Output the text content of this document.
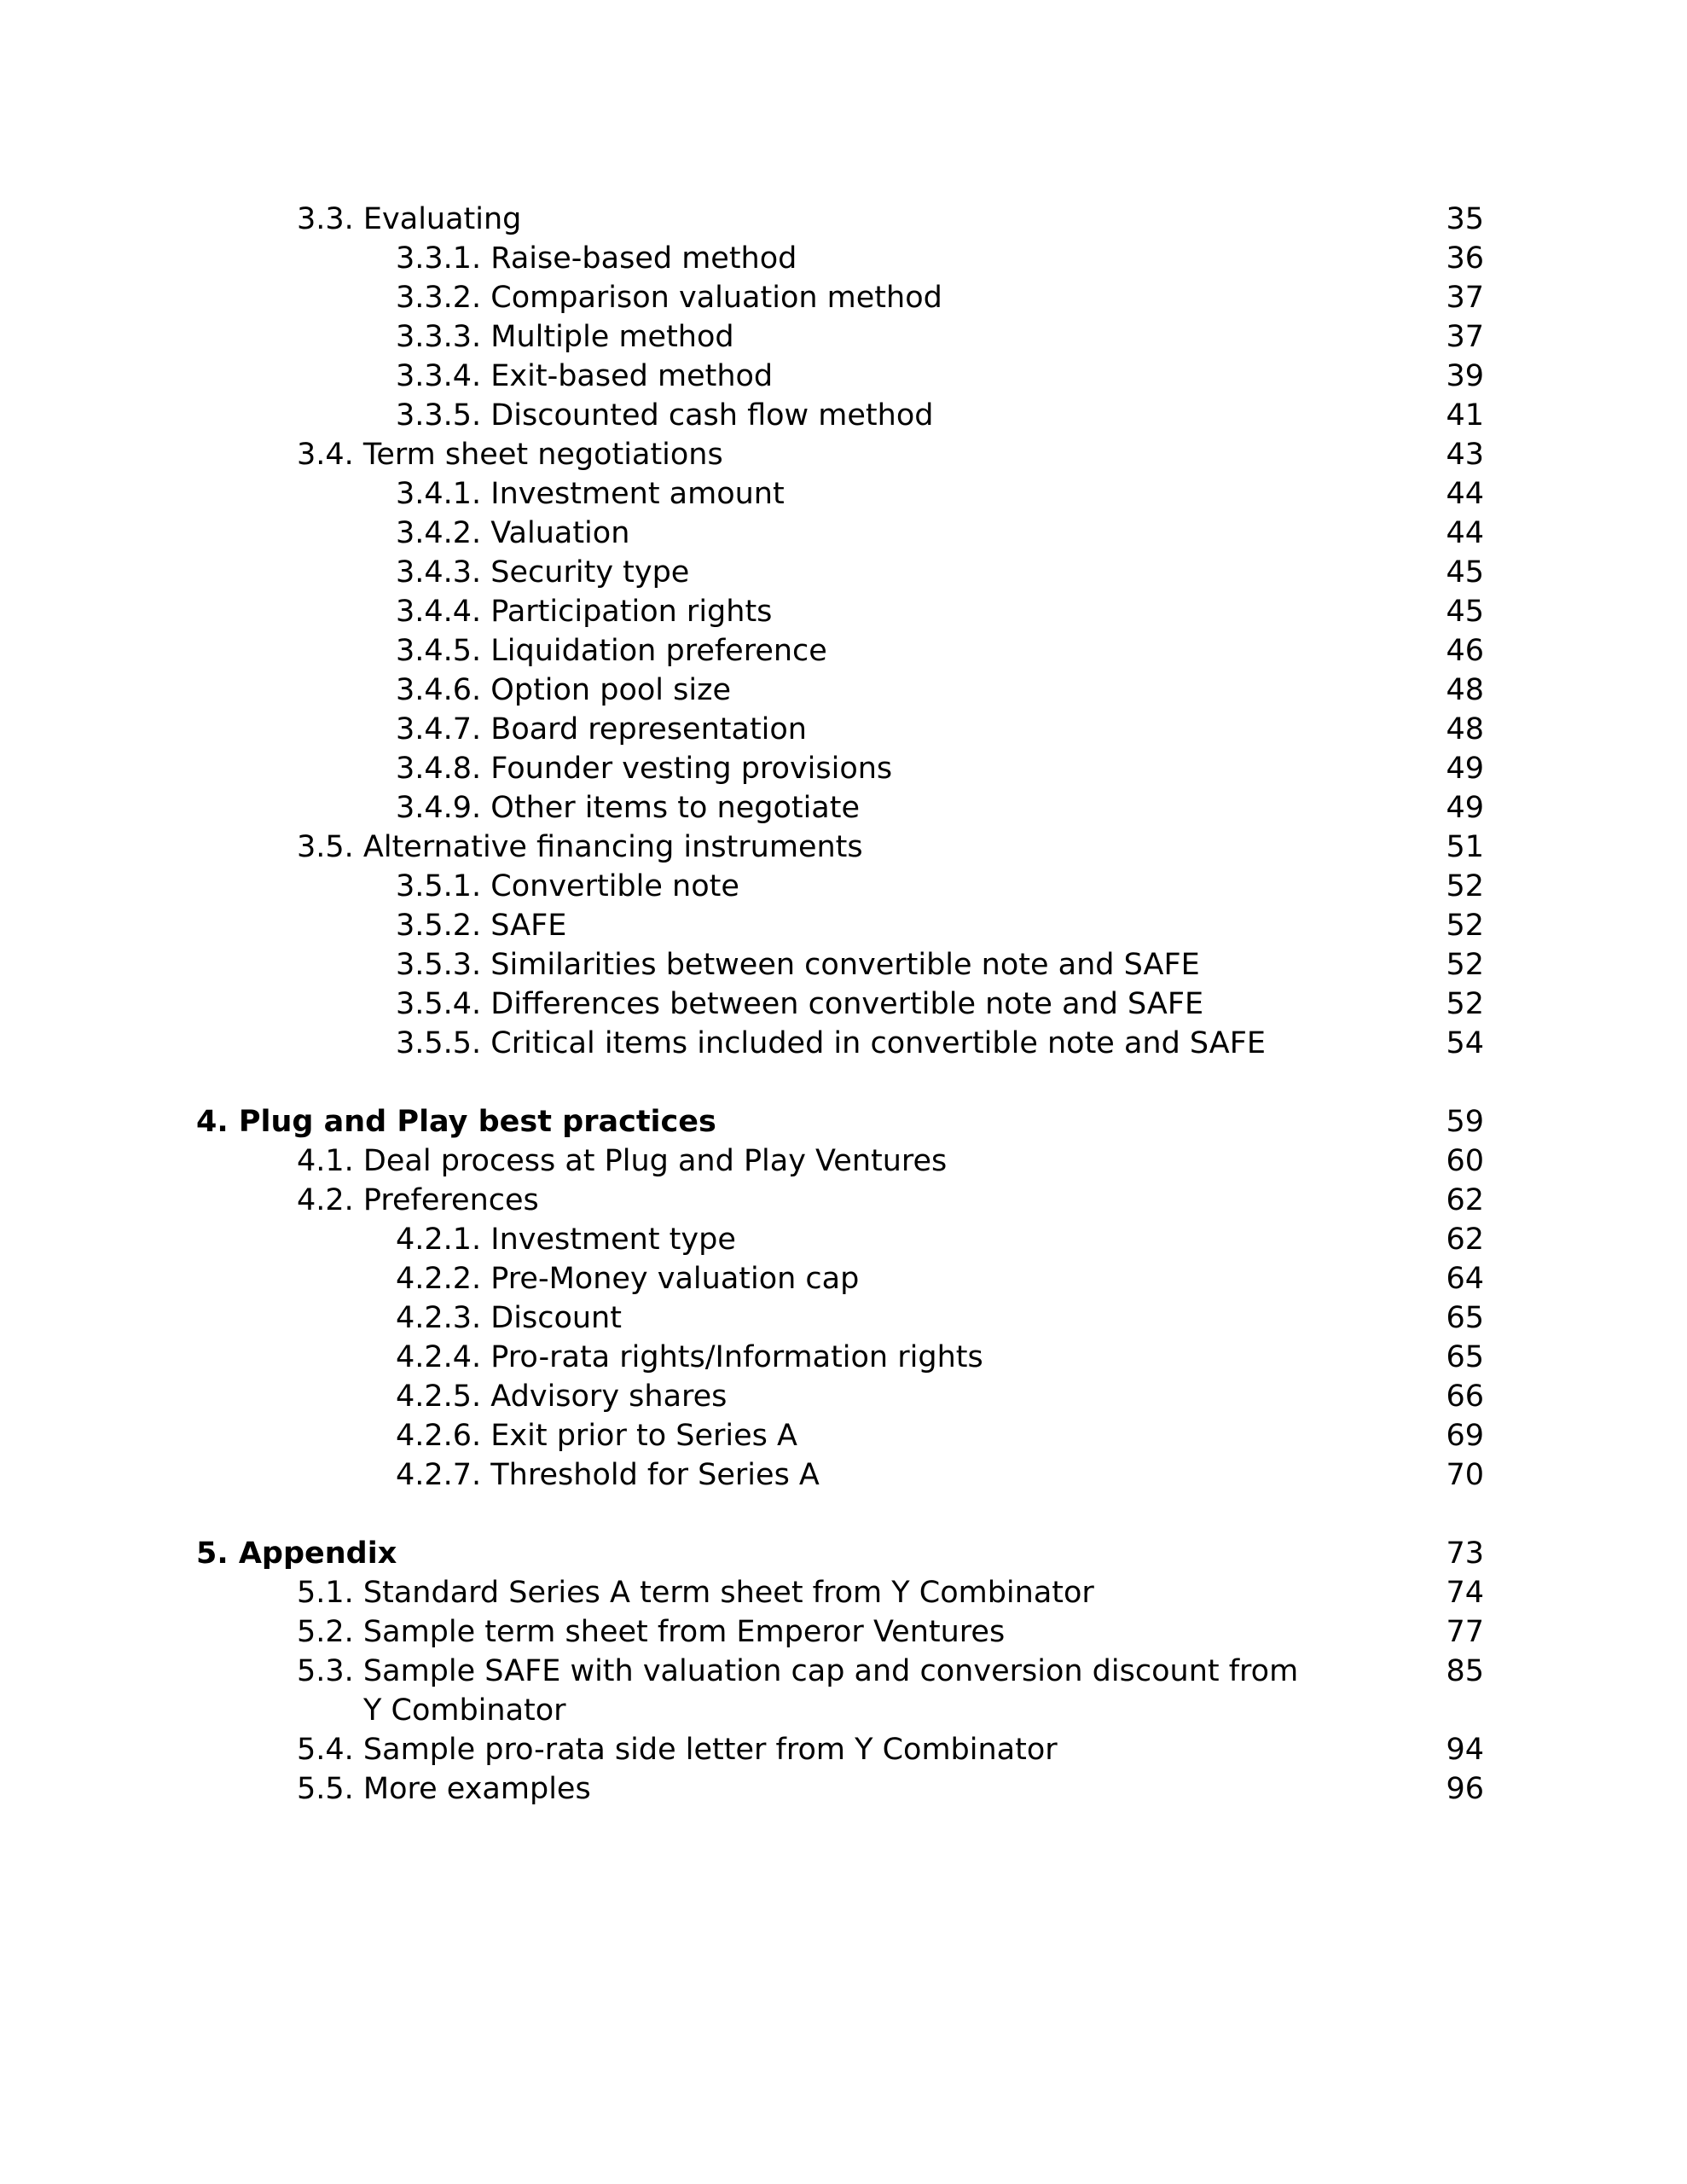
3.3. Evaluating	35
3.3.1. Raise-based method	36
3.3.2. Comparison valuation method	37
3.3.3. Multiple method	37
3.3.4. Exit-based method	39
3.3.5. Discounted cash flow method	41
3.4. Term sheet negotiations	43
3.4.1. Investment amount	44
3.4.2. Valuation	44
3.4.3. Security type	45
3.4.4. Participation rights	45
3.4.5. Liquidation preference	46
3.4.6. Option pool size	48
3.4.7. Board representation	48
3.4.8. Founder vesting provisions	49
3.4.9. Other items to negotiate	49
3.5. Alternative financing instruments	51
3.5.1. Convertible note	52
3.5.2. SAFE	52
3.5.3. Similarities between convertible note and SAFE	52
3.5.4. Differences between convertible note and SAFE	52
3.5.5. Critical items included in convertible note and SAFE	54
4. Plug and Play best practices	59
4.1. Deal process at Plug and Play Ventures	60
4.2. Preferences	62
4.2.1. Investment type	62
4.2.2. Pre-Money valuation cap	64
4.2.3. Discount	65
4.2.4. Pro-rata rights/Information rights	65
4.2.5. Advisory shares	66
4.2.6. Exit prior to Series A	69
4.2.7. Threshold for Series A	70
5. Appendix	73
5.1. Standard Series A term sheet from Y Combinator	74
5.2. Sample term sheet from Emperor Ventures	77
5.3. Sample SAFE with valuation cap and conversion discount from	85
Y Combinator
5.4. Sample pro-rata side letter from Y Combinator	94
5.5. More examples	96
